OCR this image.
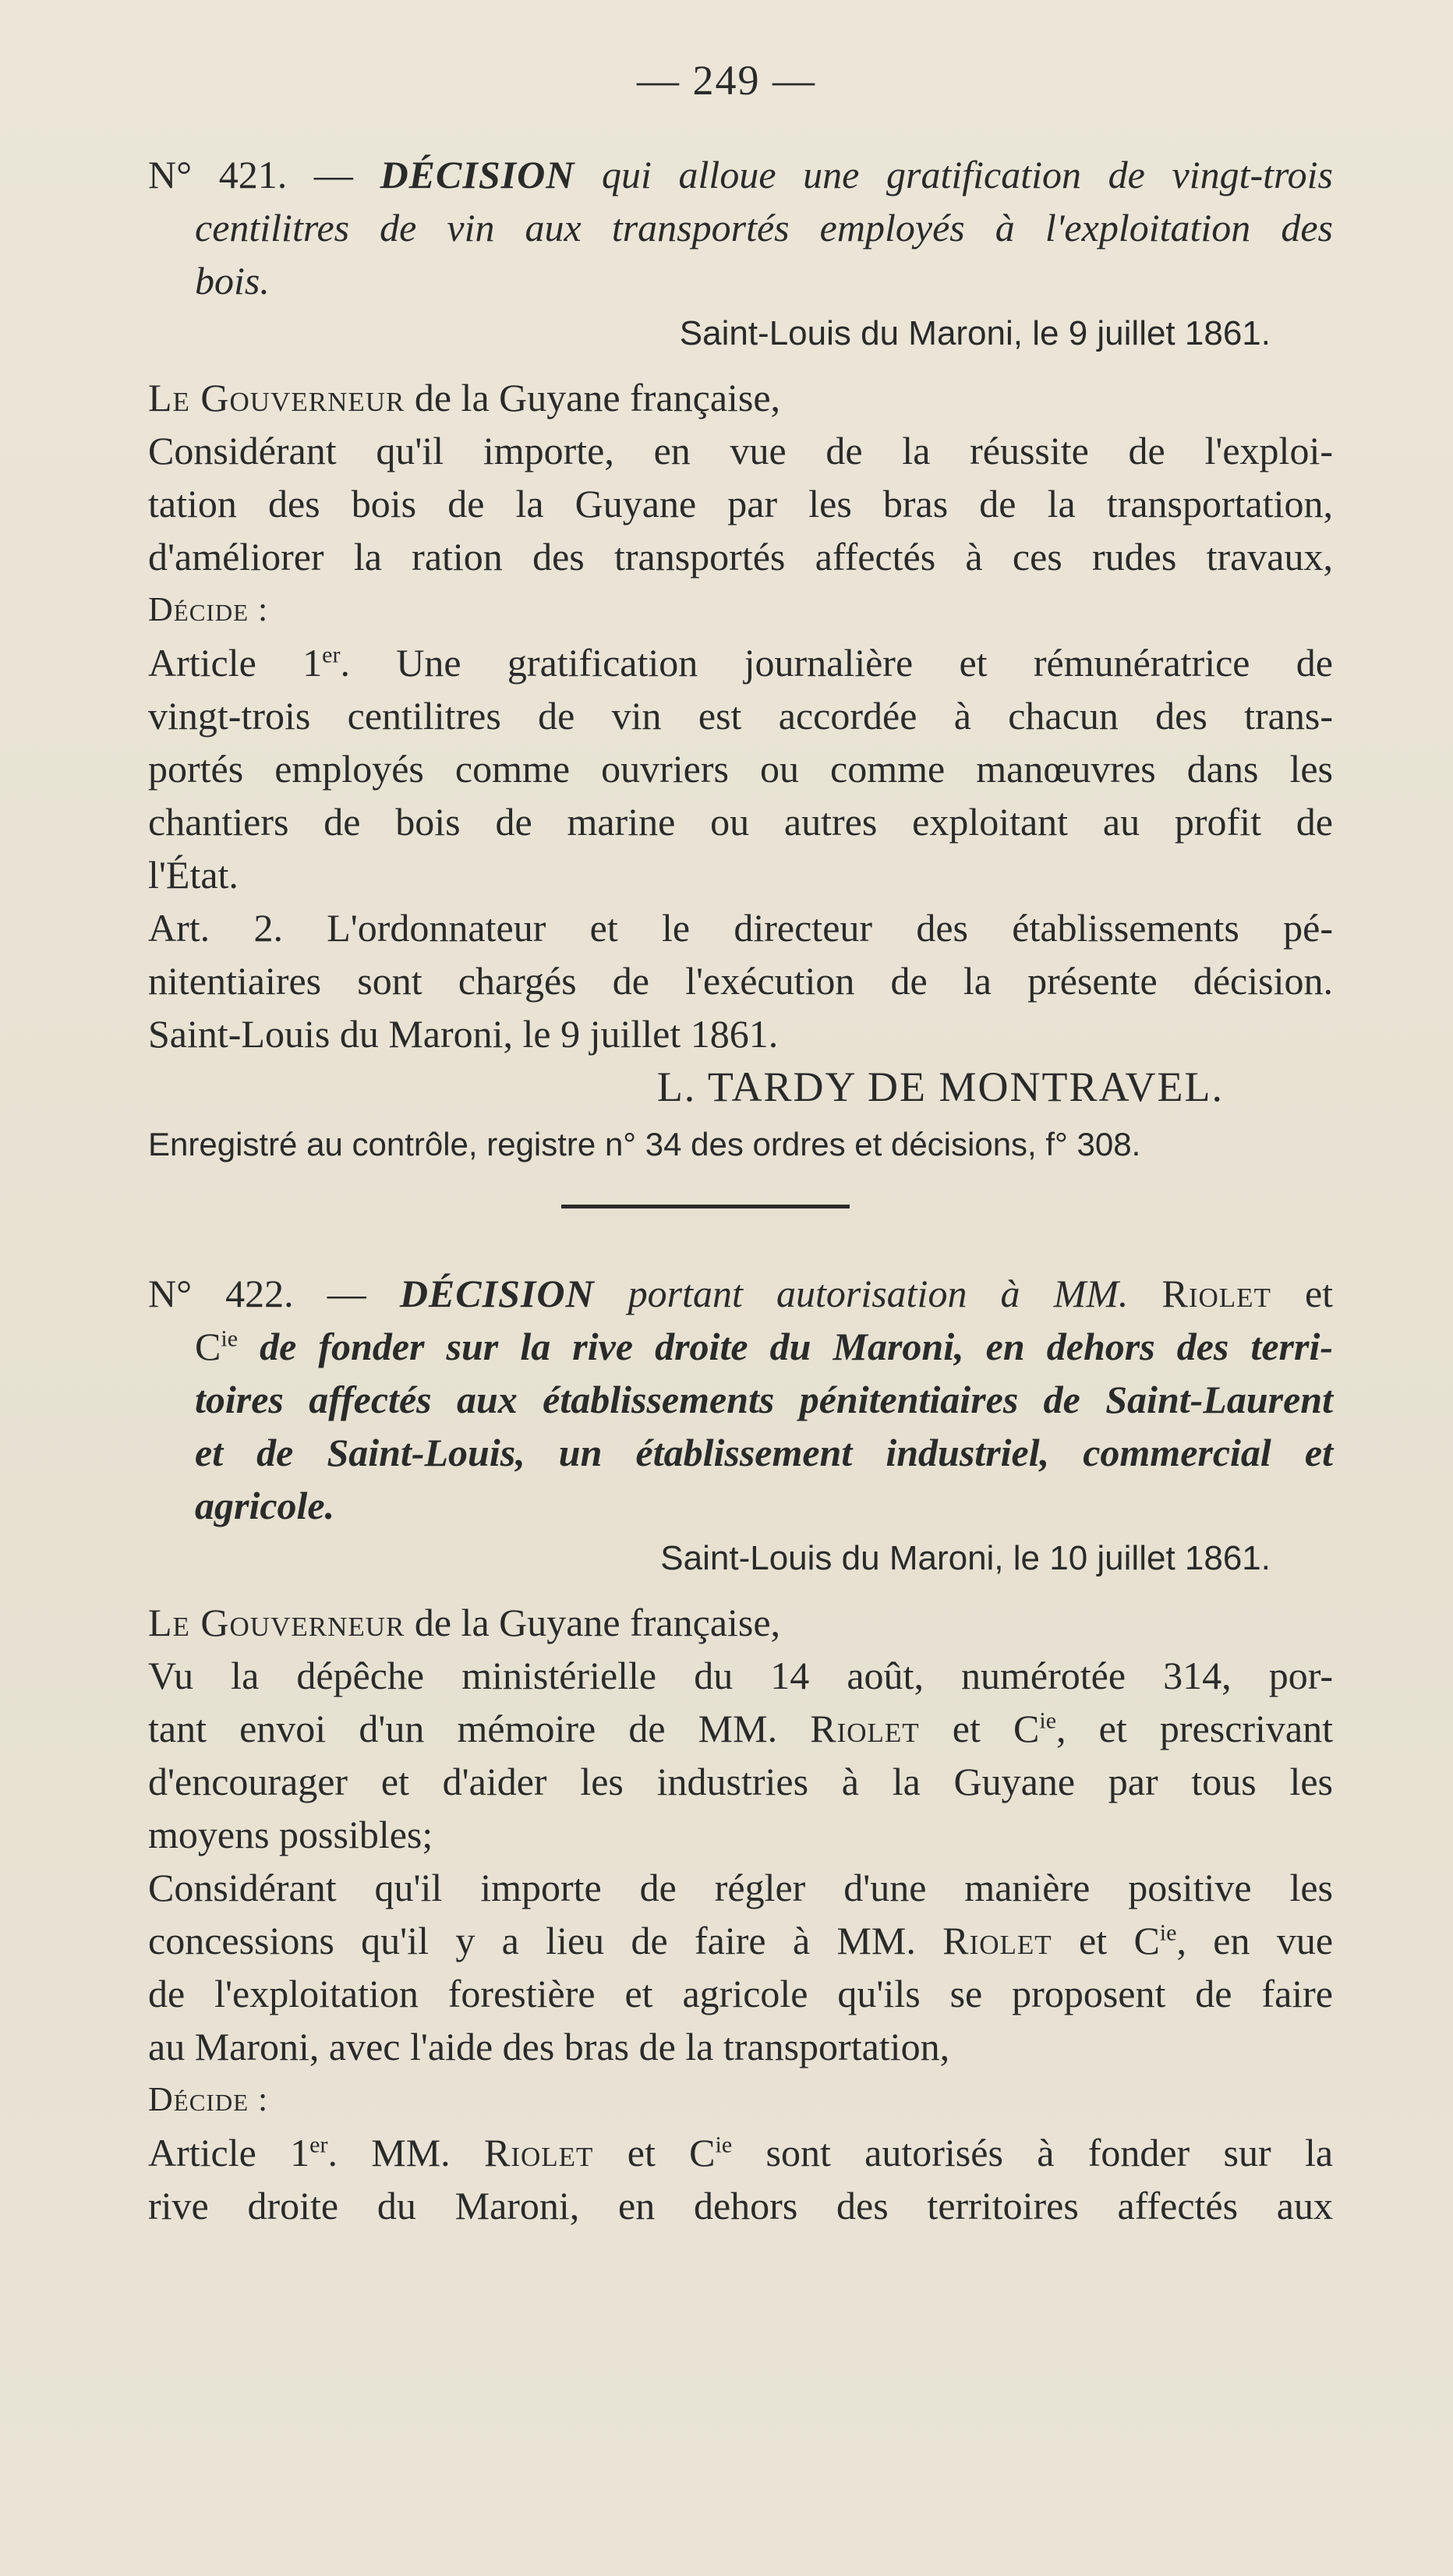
— 249 —
N° 421. — DÉCISION qui alloue une gratification de vingt-trois
centilitres de vin aux transportés employés à l'exploitation des
bois.
Saint-Louis du Maroni, le 9 juillet 1861.
Le Gouverneur de la Guyane française,
Considérant qu'il importe, en vue de la réussite de l'exploi-
tation des bois de la Guyane par les bras de la transportation,
d'améliorer la ration des transportés affectés à ces rudes travaux,
Décide :
Article 1er. Une gratification journalière et rémunératrice de
vingt-trois centilitres de vin est accordée à chacun des trans-
portés employés comme ouvriers ou comme manœuvres dans les
chantiers de bois de marine ou autres exploitant au profit de
l'État.
Art. 2. L'ordonnateur et le directeur des établissements pé-
nitentiaires sont chargés de l'exécution de la présente décision.
Saint-Louis du Maroni, le 9 juillet 1861.
L. TARDY DE MONTRAVEL.
Enregistré au contrôle, registre n° 34 des ordres et décisions, f° 308.
N° 422. — DÉCISION portant autorisation à MM. Riolet et
$C^{ie}$ de fonder sur la rive droite du Maroni, en dehors des terri-
toires affectés aux établissements pénitentiaires de Saint-Laurent
et de Saint-Louis, un établissement industriel, commercial et
agricole.
Saint-Louis du Maroni, le 10 juillet 1861.
Le Gouverneur de la Guyane française,
Vu la dépêche ministérielle du 14 août, numérotée 314, por-
tant envoi d'un mémoire de MM. Riolet et $C^{ie}$, et prescrivant
d'encourager et d'aider les industries à la Guyane par tous les
moyens possibles;
Considérant qu'il importe de régler d'une manière positive les
concessions qu'il y a lieu de faire à MM. Riolet et $C^{ie}$, en vue
de l'exploitation forestière et agricole qu'ils se proposent de faire
au Maroni, avec l'aide des bras de la transportation,
Décide :
Article 1er. MM. Riolet et $C^{ie}$ sont autorisés à fonder sur la
rive droite du Maroni, en dehors des territoires affectés aux
